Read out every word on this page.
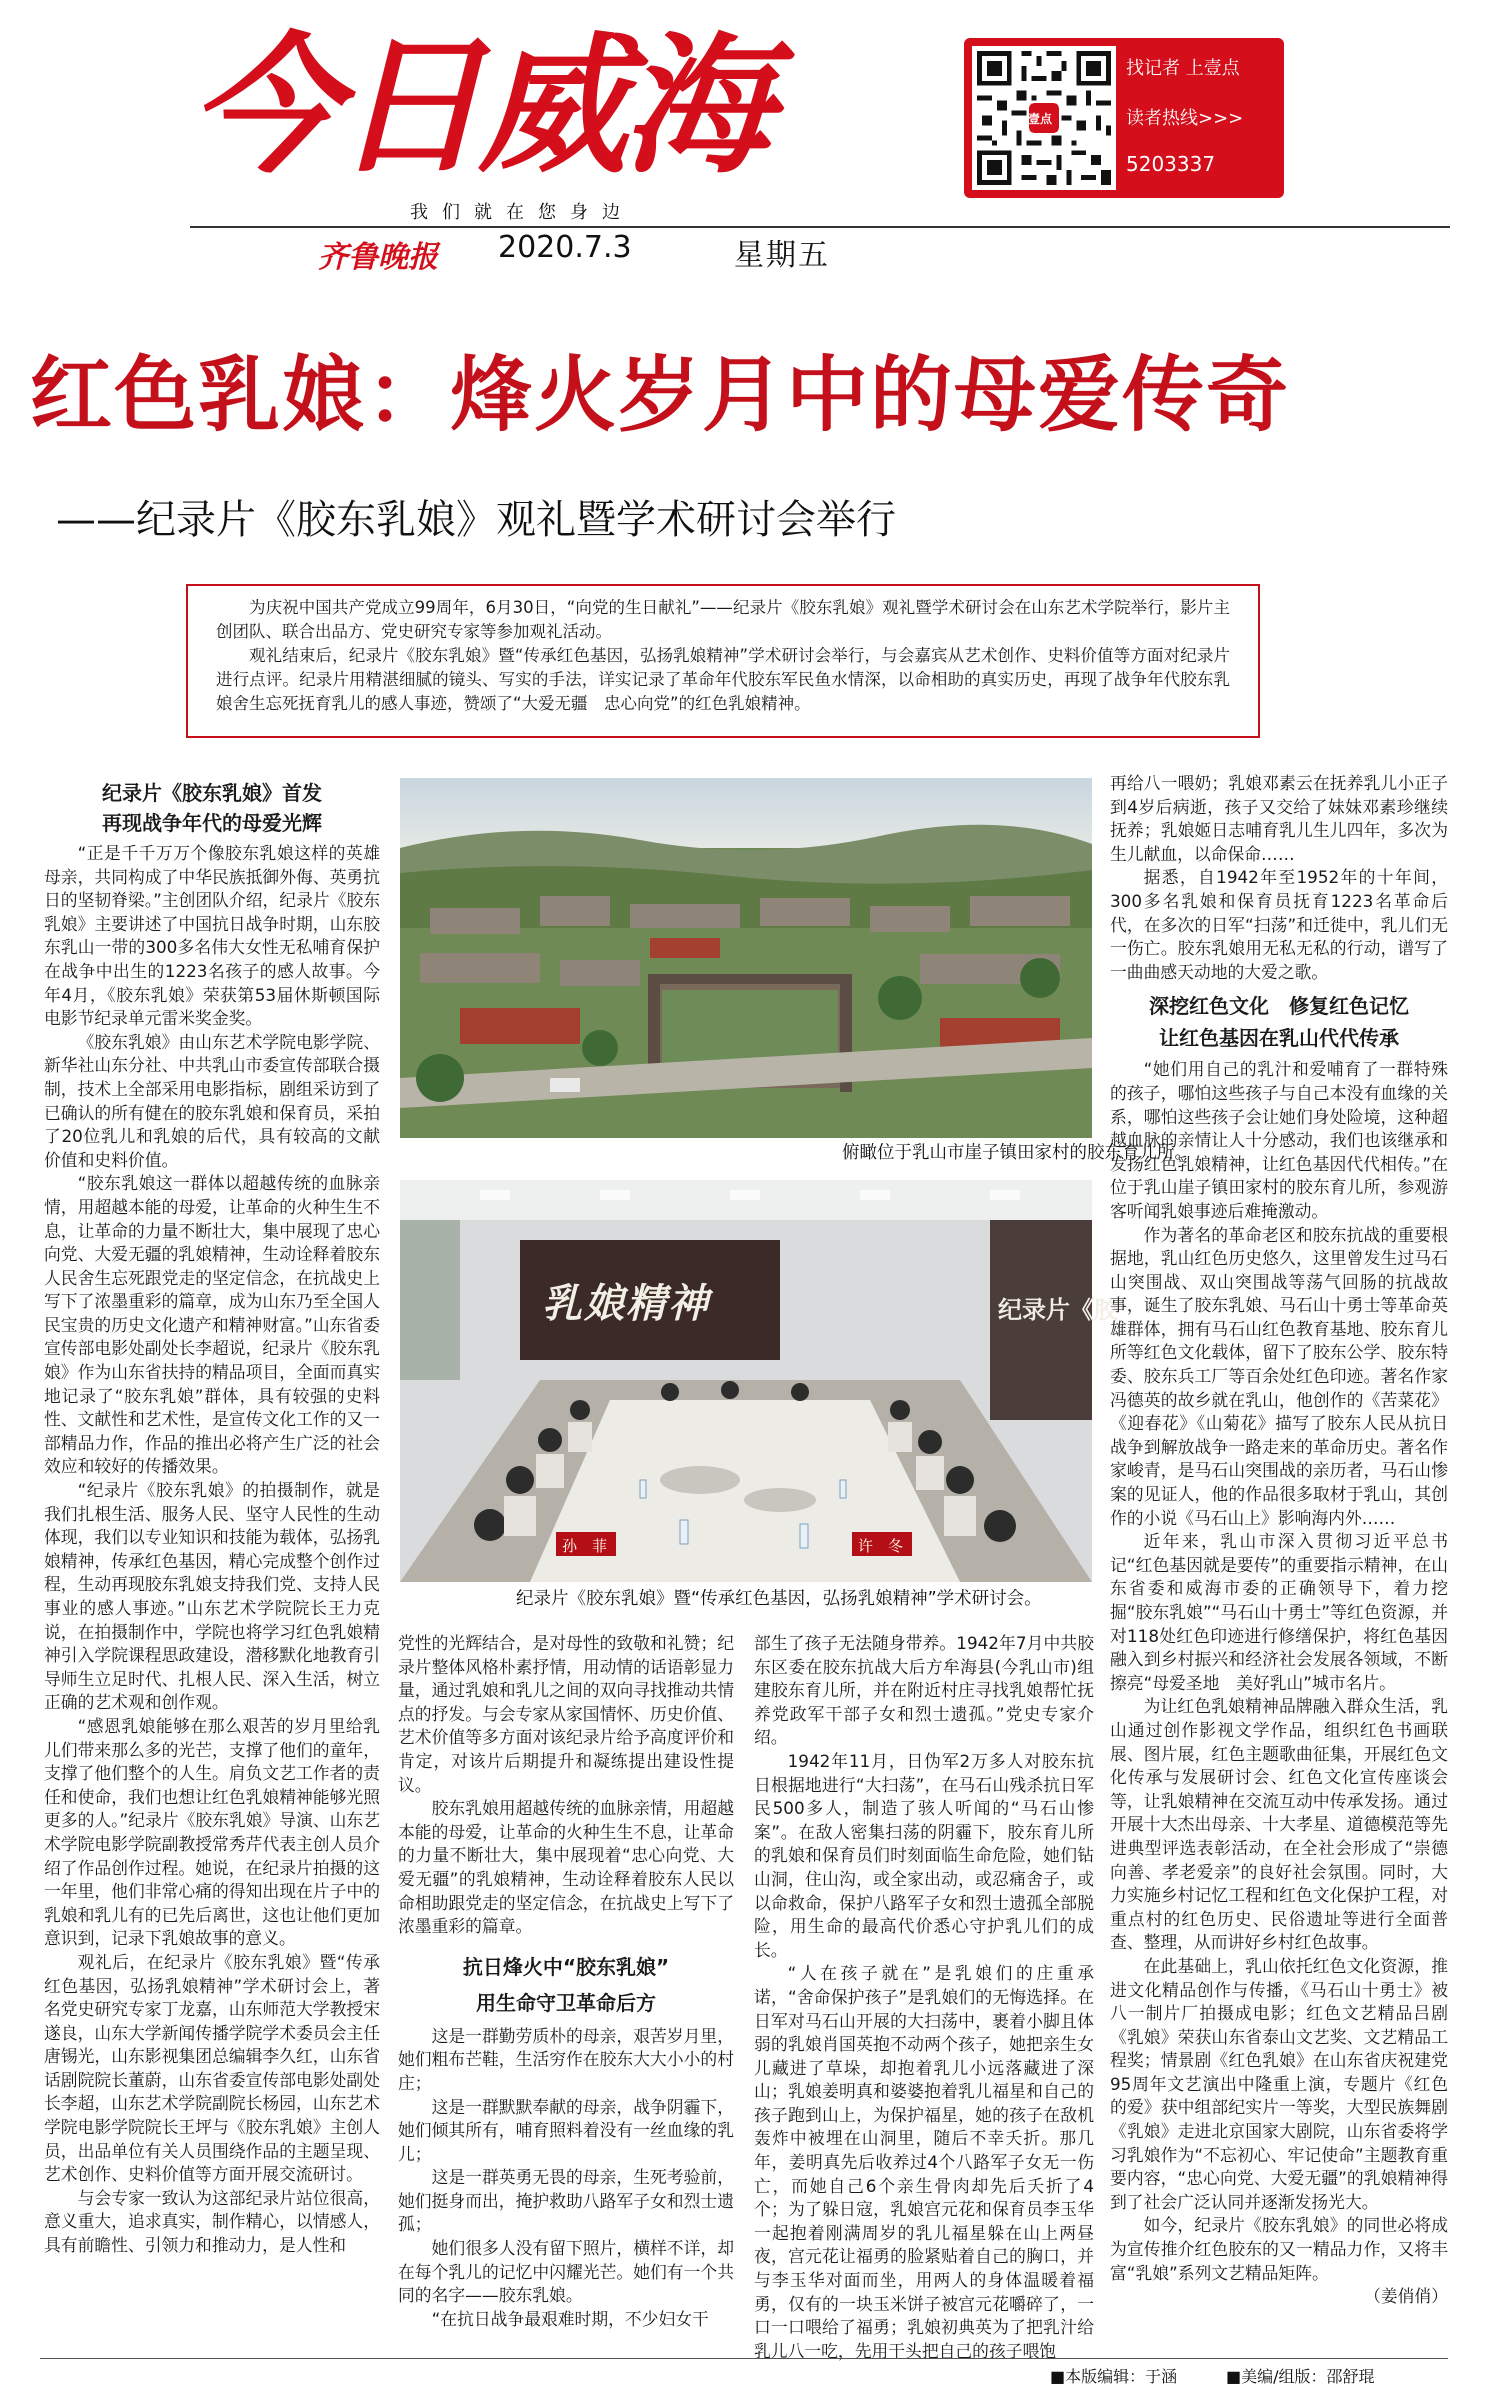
今日威海
我们就在您身边
齐鲁晚报 2020.7.3	星期五
壹点
找记者 上壹点
读者热线>>>
5203337
红色乳娘：烽火岁月中的母爱传奇
——纪录片《胶东乳娘》观礼暨学术研讨会举行

为庆祝中国共产党成立99周年，6月30日，“向党的生日献礼”——纪录片《胶东乳娘》观礼暨学术研讨会在山东艺术学院举行，影片主创团队、联合出品方、党史研究专家等参加观礼活动。

观礼结束后，纪录片《胶东乳娘》暨“传承红色基因，弘扬乳娘精神”学术研讨会举行，与会嘉宾从艺术创作、史料价值等方面对纪录片进行点评。纪录片用精湛细腻的镜头、写实的手法，详实记录了革命年代胶东军民鱼水情深，以命相助的真实历史，再现了战争年代胶东乳娘舍生忘死抚育乳儿的感人事迹，赞颂了“大爱无疆　忠心向党”的红色乳娘精神。

纪录片《胶东乳娘》首发
再现战争年代的母爱光辉

“正是千千万万个像胶东乳娘这样的英雄母亲，共同构成了中华民族抵御外侮、英勇抗日的坚韧脊梁。”主创团队介绍，纪录片《胶东乳娘》主要讲述了中国抗日战争时期，山东胶东乳山一带的300多名伟大女性无私哺育保护在战争中出生的1223名孩子的感人故事。今年4月，《胶东乳娘》荣获第53届休斯顿国际电影节纪录单元雷米奖金奖。

《胶东乳娘》由山东艺术学院电影学院、新华社山东分社、中共乳山市委宣传部联合摄制，技术上全部采用电影指标，剧组采访到了已确认的所有健在的胶东乳娘和保育员，采拍了20位乳儿和乳娘的后代，具有较高的文献价值和史料价值。

“胶东乳娘这一群体以超越传统的血脉亲情，用超越本能的母爱，让革命的火种生生不息，让革命的力量不断壮大，集中展现了忠心向党、大爱无疆的乳娘精神，生动诠释着胶东人民舍生忘死跟党走的坚定信念，在抗战史上写下了浓墨重彩的篇章，成为山东乃至全国人民宝贵的历史文化遗产和精神财富。”山东省委宣传部电影处副处长李超说，纪录片《胶东乳娘》作为山东省扶持的精品项目，全面而真实地记录了“胶东乳娘”群体，具有较强的史料性、文献性和艺术性，是宣传文化工作的又一部精品力作，作品的推出必将产生广泛的社会效应和较好的传播效果。

“纪录片《胶东乳娘》的拍摄制作，就是我们扎根生活、服务人民、坚守人民性的生动体现，我们以专业知识和技能为载体，弘扬乳娘精神，传承红色基因，精心完成整个创作过程，生动再现胶东乳娘支持我们党、支持人民事业的感人事迹。”山东艺术学院院长王力克说，在拍摄制作中，学院也将学习红色乳娘精神引入学院课程思政建设，潜移默化地教育引导师生立足时代、扎根人民、深入生活，树立正确的艺术观和创作观。

“感恩乳娘能够在那么艰苦的岁月里给乳儿们带来那么多的光芒，支撑了他们的童年，支撑了他们整个的人生。肩负文艺工作者的责任和使命，我们也想让红色乳娘精神能够光照更多的人。”纪录片《胶东乳娘》导演、山东艺术学院电影学院副教授常秀芹代表主创人员介绍了作品创作过程。她说，在纪录片拍摄的这一年里，他们非常心痛的得知出现在片子中的乳娘和乳儿有的已先后离世，这也让他们更加意识到，记录下乳娘故事的意义。

观礼后，在纪录片《胶东乳娘》暨“传承红色基因，弘扬乳娘精神”学术研讨会上，著名党史研究专家丁龙嘉，山东师范大学教授宋遂良，山东大学新闻传播学院学术委员会主任唐锡光，山东影视集团总编辑李久红，山东省话剧院院长董蔚，山东省委宣传部电影处副处长李超，山东艺术学院副院长杨园，山东艺术学院电影学院院长王坪与《胶东乳娘》主创人员，出品单位有关人员围绕作品的主题呈现、艺术创作、史料价值等方面开展交流研讨。

与会专家一致认为这部纪录片站位很高，意义重大，追求真实，制作精心，以情感人，具有前瞻性、引领力和推动力，是人性和

俯瞰位于乳山市崖子镇田家村的胶东育儿所。
乳娘精神	纪录片《胶
孙　菲	许　冬
纪录片《胶东乳娘》暨“传承红色基因，弘扬乳娘精神”学术研讨会。

党性的光辉结合，是对母性的致敬和礼赞；纪录片整体风格朴素抒情，用动情的话语彰显力量，通过乳娘和乳儿之间的双向寻找推动共情点的抒发。与会专家从家国情怀、历史价值、艺术价值等多方面对该纪录片给予高度评价和肯定，对该片后期提升和凝练提出建设性提议。

胶东乳娘用超越传统的血脉亲情，用超越本能的母爱，让革命的火种生生不息，让革命的力量不断壮大，集中展现着“忠心向党、大爱无疆”的乳娘精神，生动诠释着胶东人民以命相助跟党走的坚定信念，在抗战史上写下了浓墨重彩的篇章。

抗日烽火中“胶东乳娘”
用生命守卫革命后方

这是一群勤劳质朴的母亲，艰苦岁月里，她们粗布芒鞋，生活穷作在胶东大大小小的村庄；

这是一群默默奉献的母亲，战争阴霾下，她们倾其所有，哺育照料着没有一丝血缘的乳儿；

这是一群英勇无畏的母亲，生死考验前，她们挺身而出，掩护救助八路军子女和烈士遗孤；

她们很多人没有留下照片，横样不详，却在每个乳儿的记忆中闪耀光芒。她们有一个共同的名字——胶东乳娘。

“在抗日战争最艰难时期，不少妇女干

部生了孩子无法随身带养。1942年7月中共胶东区委在胶东抗战大后方牟海县(今乳山市)组建胶东育儿所，并在附近村庄寻找乳娘帮忙抚养党政军干部子女和烈士遗孤。”党史专家介绍。

1942年11月，日伪军2万多人对胶东抗日根据地进行“大扫荡”，在马石山残杀抗日军民500多人，制造了骇人听闻的“马石山惨案”。在敌人密集扫荡的阴霾下，胶东育儿所的乳娘和保育员们时刻面临生命危险，她们钻山洞，住山沟，或全家出动，或忍痛舍子，或以命救命，保护八路军子女和烈士遗孤全部脱险，用生命的最高代价悉心守护乳儿们的成长。

“人在孩子就在”是乳娘们的庄重承诺，“舍命保护孩子”是乳娘们的无悔选择。在日军对马石山开展的大扫荡中，裹着小脚且体弱的乳娘肖国英抱不动两个孩子，她把亲生女儿藏进了草垛，却抱着乳儿小远落藏进了深山；乳娘姜明真和婆婆抱着乳儿福星和自己的孩子跑到山上，为保护福星，她的孩子在敌机轰炸中被埋在山洞里，随后不幸夭折。那几年，姜明真先后收养过4个八路军子女无一伤亡，而她自己6个亲生骨肉却先后夭折了4个；为了躲日寇，乳娘宫元花和保育员李玉华一起抱着刚满周岁的乳儿福星躲在山上两昼夜，宫元花让福勇的脸紧贴着自己的胸口，并与李玉华对面而坐，用两人的身体温暖着福勇，仅有的一块玉米饼子被宫元花嚼碎了，一口一口喂给了福勇；乳娘初典英为了把乳汁给乳儿八一吃，先用干头把自己的孩子喂饱

再给八一喂奶；乳娘邓素云在抚养乳儿小正子到4岁后病逝，孩子又交给了妹妹邓素珍继续抚养；乳娘姬日志哺育乳儿生儿四年，多次为生儿献血，以命保命……

据悉，自1942年至1952年的十年间，300多名乳娘和保育员抚育1223名革命后代，在多次的日军“扫荡”和迁徙中，乳儿们无一伤亡。胶东乳娘用无私无私的行动，谱写了一曲曲感天动地的大爱之歌。

深挖红色文化　修复红色记忆
让红色基因在乳山代代传承

“她们用自己的乳汁和爱哺育了一群特殊的孩子，哪怕这些孩子与自己本没有血缘的关系，哪怕这些孩子会让她们身处险境，这种超越血脉的亲情让人十分感动，我们也该继承和发扬红色乳娘精神，让红色基因代代相传。”在位于乳山崖子镇田家村的胶东育儿所，参观游客听闻乳娘事迹后难掩激动。

作为著名的革命老区和胶东抗战的重要根据地，乳山红色历史悠久，这里曾发生过马石山突围战、双山突围战等荡气回肠的抗战故事，诞生了胶东乳娘、马石山十勇士等革命英雄群体，拥有马石山红色教育基地、胶东育儿所等红色文化载体，留下了胶东公学、胶东特委、胶东兵工厂等百余处红色印迹。著名作家冯德英的故乡就在乳山，他创作的《苦菜花》《迎春花》《山菊花》描写了胶东人民从抗日战争到解放战争一路走来的革命历史。著名作家峻青，是马石山突围战的亲历者，马石山惨案的见证人，他的作品很多取材于乳山，其创作的小说《马石山上》影响海内外……

近年来，乳山市深入贯彻习近平总书记“红色基因就是要传”的重要指示精神，在山东省委和威海市委的正确领导下，着力挖掘“胶东乳娘”“马石山十勇士”等红色资源，并对118处红色印迹进行修缮保护，将红色基因融入到乡村振兴和经济社会发展各领域，不断擦亮“母爱圣地　美好乳山”城市名片。

为让红色乳娘精神品牌融入群众生活，乳山通过创作影视文学作品，组织红色书画联展、图片展，红色主题歌曲征集，开展红色文化传承与发展研讨会、红色文化宣传座谈会等，让乳娘精神在交流互动中传承发扬。通过开展十大杰出母亲、十大孝星、道德模范等先进典型评选表彰活动，在全社会形成了“崇德向善、孝老爱亲”的良好社会氛围。同时，大力实施乡村记忆工程和红色文化保护工程，对重点村的红色历史、民俗遗址等进行全面普查、整理，从而讲好乡村红色故事。

在此基础上，乳山依托红色文化资源，推进文化精品创作与传播，《马石山十勇士》被八一制片厂拍摄成电影；红色文艺精品吕剧《乳娘》荣获山东省泰山文艺奖、文艺精品工程奖；情景剧《红色乳娘》在山东省庆祝建党95周年文艺演出中隆重上演，专题片《红色的爱》获中组部纪实片一等奖，大型民族舞剧《乳娘》走进北京国家大剧院，山东省委将学习乳娘作为“不忘初心、牢记使命”主题教育重要内容，“忠心向党、大爱无疆”的乳娘精神得到了社会广泛认同并逐渐发扬光大。

如今，纪录片《胶东乳娘》的同世必将成为宣传推介红色胶东的又一精品力作，又将丰富“乳娘”系列文艺精品矩阵。

（姜俏俏）
■本版编辑：于涵	■美编/组版：邵舒琨
